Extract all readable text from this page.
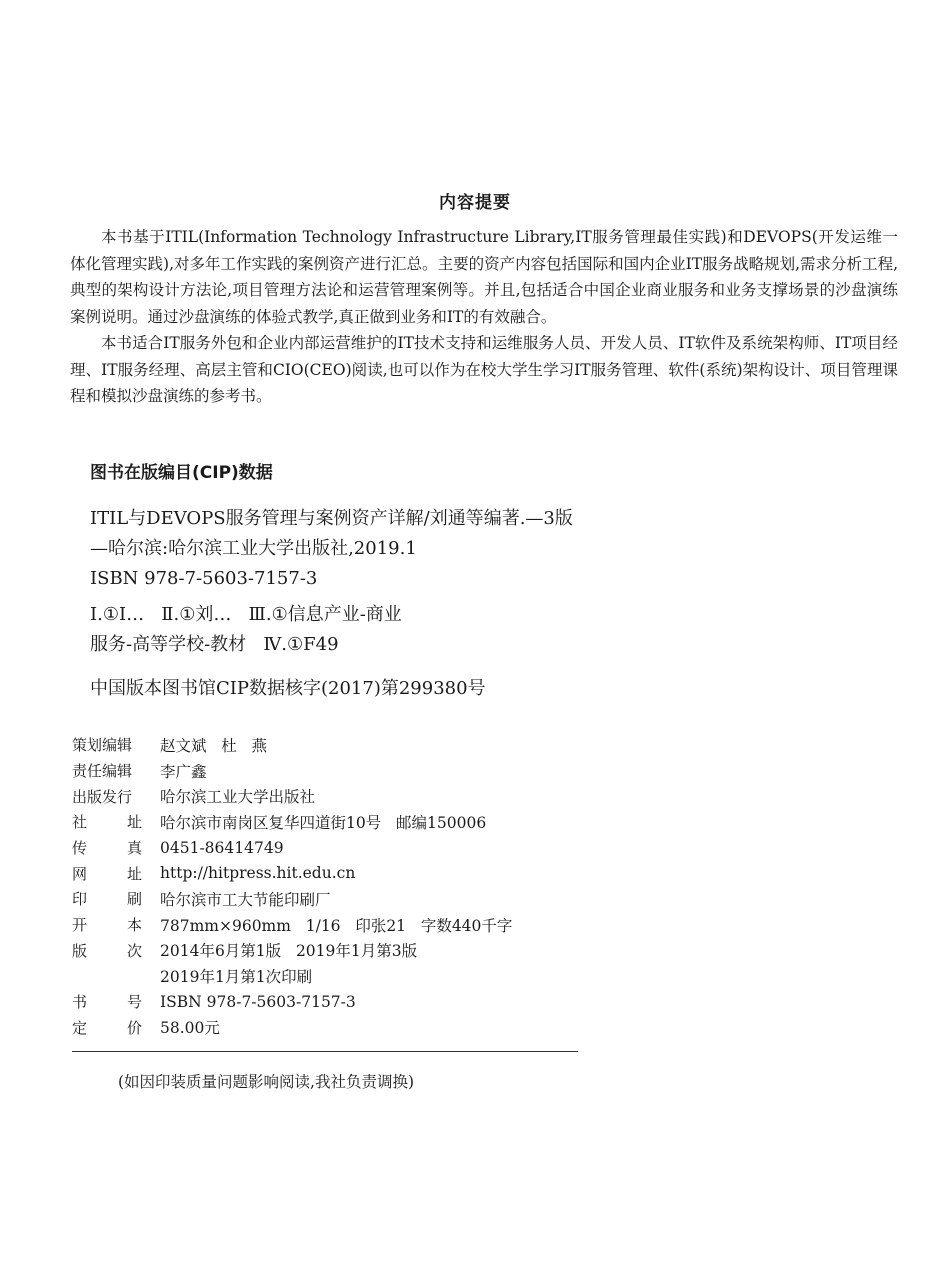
内容提要

本书基于ITIL(Information Technology Infrastructure Library,IT服务管理最佳实践)和DEVOPS(开发运维一体化管理实践),对多年工作实践的案例资产进行汇总。主要的资产内容包括国际和国内企业IT服务战略规划,需求分析工程,典型的架构设计方法论,项目管理方法论和运营管理案例等。并且,包括适合中国企业商业服务和业务支撑场景的沙盘演练案例说明。通过沙盘演练的体验式教学,真正做到业务和IT的有效融合。

本书适合IT服务外包和企业内部运营维护的IT技术支持和运维服务人员、开发人员、IT软件及系统架构师、IT项目经理、IT服务经理、高层主管和CIO(CEO)阅读,也可以作为在校大学生学习IT服务管理、软件(系统)架构设计、项目管理课程和模拟沙盘演练的参考书。

图书在版编目(CIP)数据
ITIL与DEVOPS服务管理与案例资产详解/刘通等编著.—3版
—哈尔滨:哈尔滨工业大学出版社,2019.1
ISBN 978-7-5603-7157-3
Ⅰ.①Ⅰ…   Ⅱ.①刘…   Ⅲ.①信息产业-商业
服务-高等学校-教材   Ⅳ.①F49
中国版本图书馆CIP数据核字(2017)第299380号
策划编辑	赵文斌   杜   燕
责任编辑	李广鑫
出版发行	哈尔滨工业大学出版社
社	址 哈尔滨市南岗区复华四道街10号   邮编150006
传	真 0451-86414749
网	址 http://hitpress.hit.edu.cn
印	刷 哈尔滨市工大节能印刷厂
开	本 787mm×960mm   1/16   印张21   字数440千字
版	次 2014年6月第1版   2019年1月第3版
2019年1月第1次印刷
书	号 ISBN 978-7-5603-7157-3
定	价 58.00元
(如因印装质量问题影响阅读,我社负责调换)
